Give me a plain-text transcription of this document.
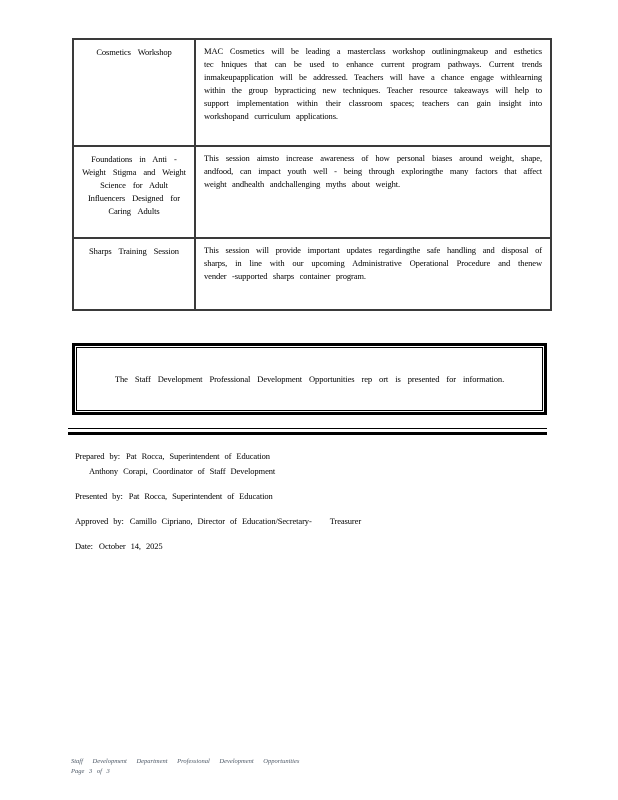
Cosmetics Workshop	MAC Cosmetics will be leading a masterclass workshop outliningmakeup and esthetics tec hniques that can be used to enhance current program pathways. Current trends inmakeupapplication will be addressed. Teachers will have a chance engage withlearning within the group bypracticing new techniques. Teacher resource takeaways will help to support implementation within their classroom spaces; teachers can gain insight into workshopand curriculum applications.

Foundations in Anti - Weight Stigma and Weight Science for Adult Influencers Designed for Caring Adults

This session aimsto increase awareness of how personal biases around weight, shape, andfood, can impact youth well - being through exploringthe many factors that affect weight andhealth andchallenging myths about weight.

Sharps Training Session	This session will provide important updates regardingthe safe handling and disposal of sharps, in line with our upcoming Administrative Operational Procedure and thenew vender -supported sharps container program.

The Staff Development Professional Development Opportunities rep ort is presented for information.
Prepared by: Pat Rocca, Superintendent of Education
Anthony Corapi, Coordinator of Staff Development
Presented by: Pat Rocca, Superintendent of Education
Approved by: Camillo Cipriano, Director of Education/Secretary- Treasurer
Date: October 14, 2025
Staff Development Department Professional Development Opportunities
Page 3 of 3
